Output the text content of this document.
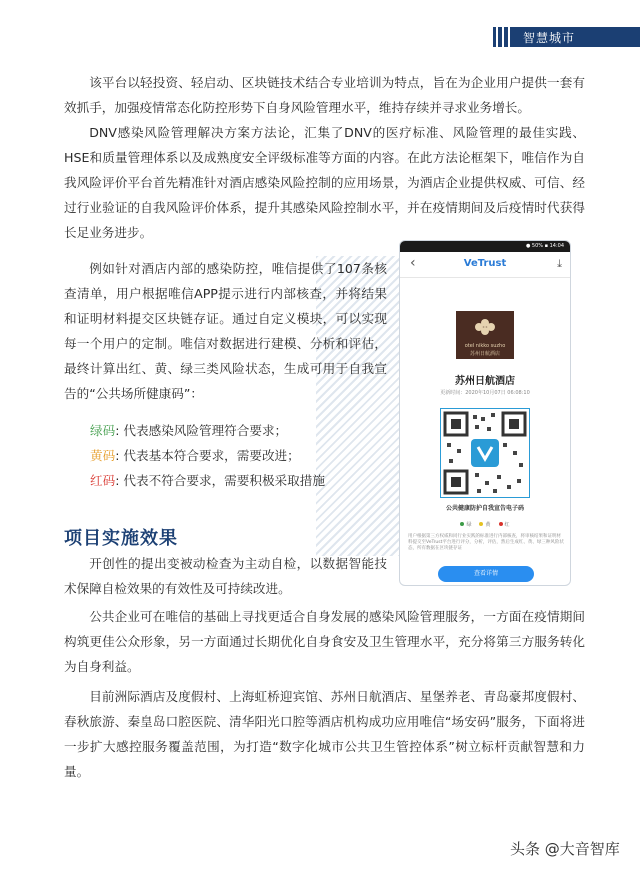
智慧城市
该平台以轻投资、轻启动、区块链技术结合专业培训为特点，旨在为企业用户提供一套有效抓手，加强疫情常态化防控形势下自身风险管理水平，维持存续并寻求业务增长。
DNV感染风险管理解决方案方法论，汇集了DNV的医疗标准、风险管理的最佳实践、HSE和质量管理体系以及成熟度安全评级标准等方面的内容。在此方法论框架下，唯信作为自我风险评价平台首先精准针对酒店感染风险控制的应用场景，为酒店企业提供权威、可信、经过行业验证的自我风险评价体系，提升其感染风险控制水平，并在疫情期间及后疫情时代获得长足业务进步。
例如针对酒店内部的感染防控，唯信提供了107条核查清单，用户根据唯信APP提示进行内部核查，并将结果和证明材料提交区块链存证。通过自定义模块，可以实现每一个用户的定制。唯信对数据进行建模、分析和评估，最终计算出红、黄、绿三类风险状态，生成可用于自我宣告的“公共场所健康码”：
绿码: 代表感染风险管理符合要求；
黄码: 代表基本符合要求，需要改进；
红码: 代表不符合要求，需要积极采取措施
项目实施效果
开创性的提出变被动检查为主动自检，以数据智能技术保障自检效果的有效性及可持续改进。
公共企业可在唯信的基础上寻找更适合自身发展的感染风险管理服务，一方面在疫情期间构筑更佳公众形象，另一方面通过长期优化自身食安及卫生管理水平，充分将第三方服务转化为自身利益。
目前洲际酒店及度假村、上海虹桥迎宾馆、苏州日航酒店、星堡养老、青岛豪邦度假村、春秋旅游、秦皇岛口腔医院、清华阳光口腔等酒店机构成功应用唯信“场安码”服务，下面将进一步扩大感控服务覆盖范围，为打造“数字化城市公共卫生管控体系”树立标杆贡献智慧和力量。
● 50% ▪ 14:04
‹	VeTrust	⤓
otel nikko suzho
苏州日航酒店
苏州日航酒店
更新时间：2020年10月07日 06:08:10
公共健康防护自我宣告电子码
绿	黄	红
用户根据第三方权威和同行业实践的标准进行内部核查，将审核结果和证明材料提交至VeTrust平台进行评分，分析，评估，然后生成红、黄、绿三种风险状态，所有数据在区块链存证
查看详情
头条 @大音智库
